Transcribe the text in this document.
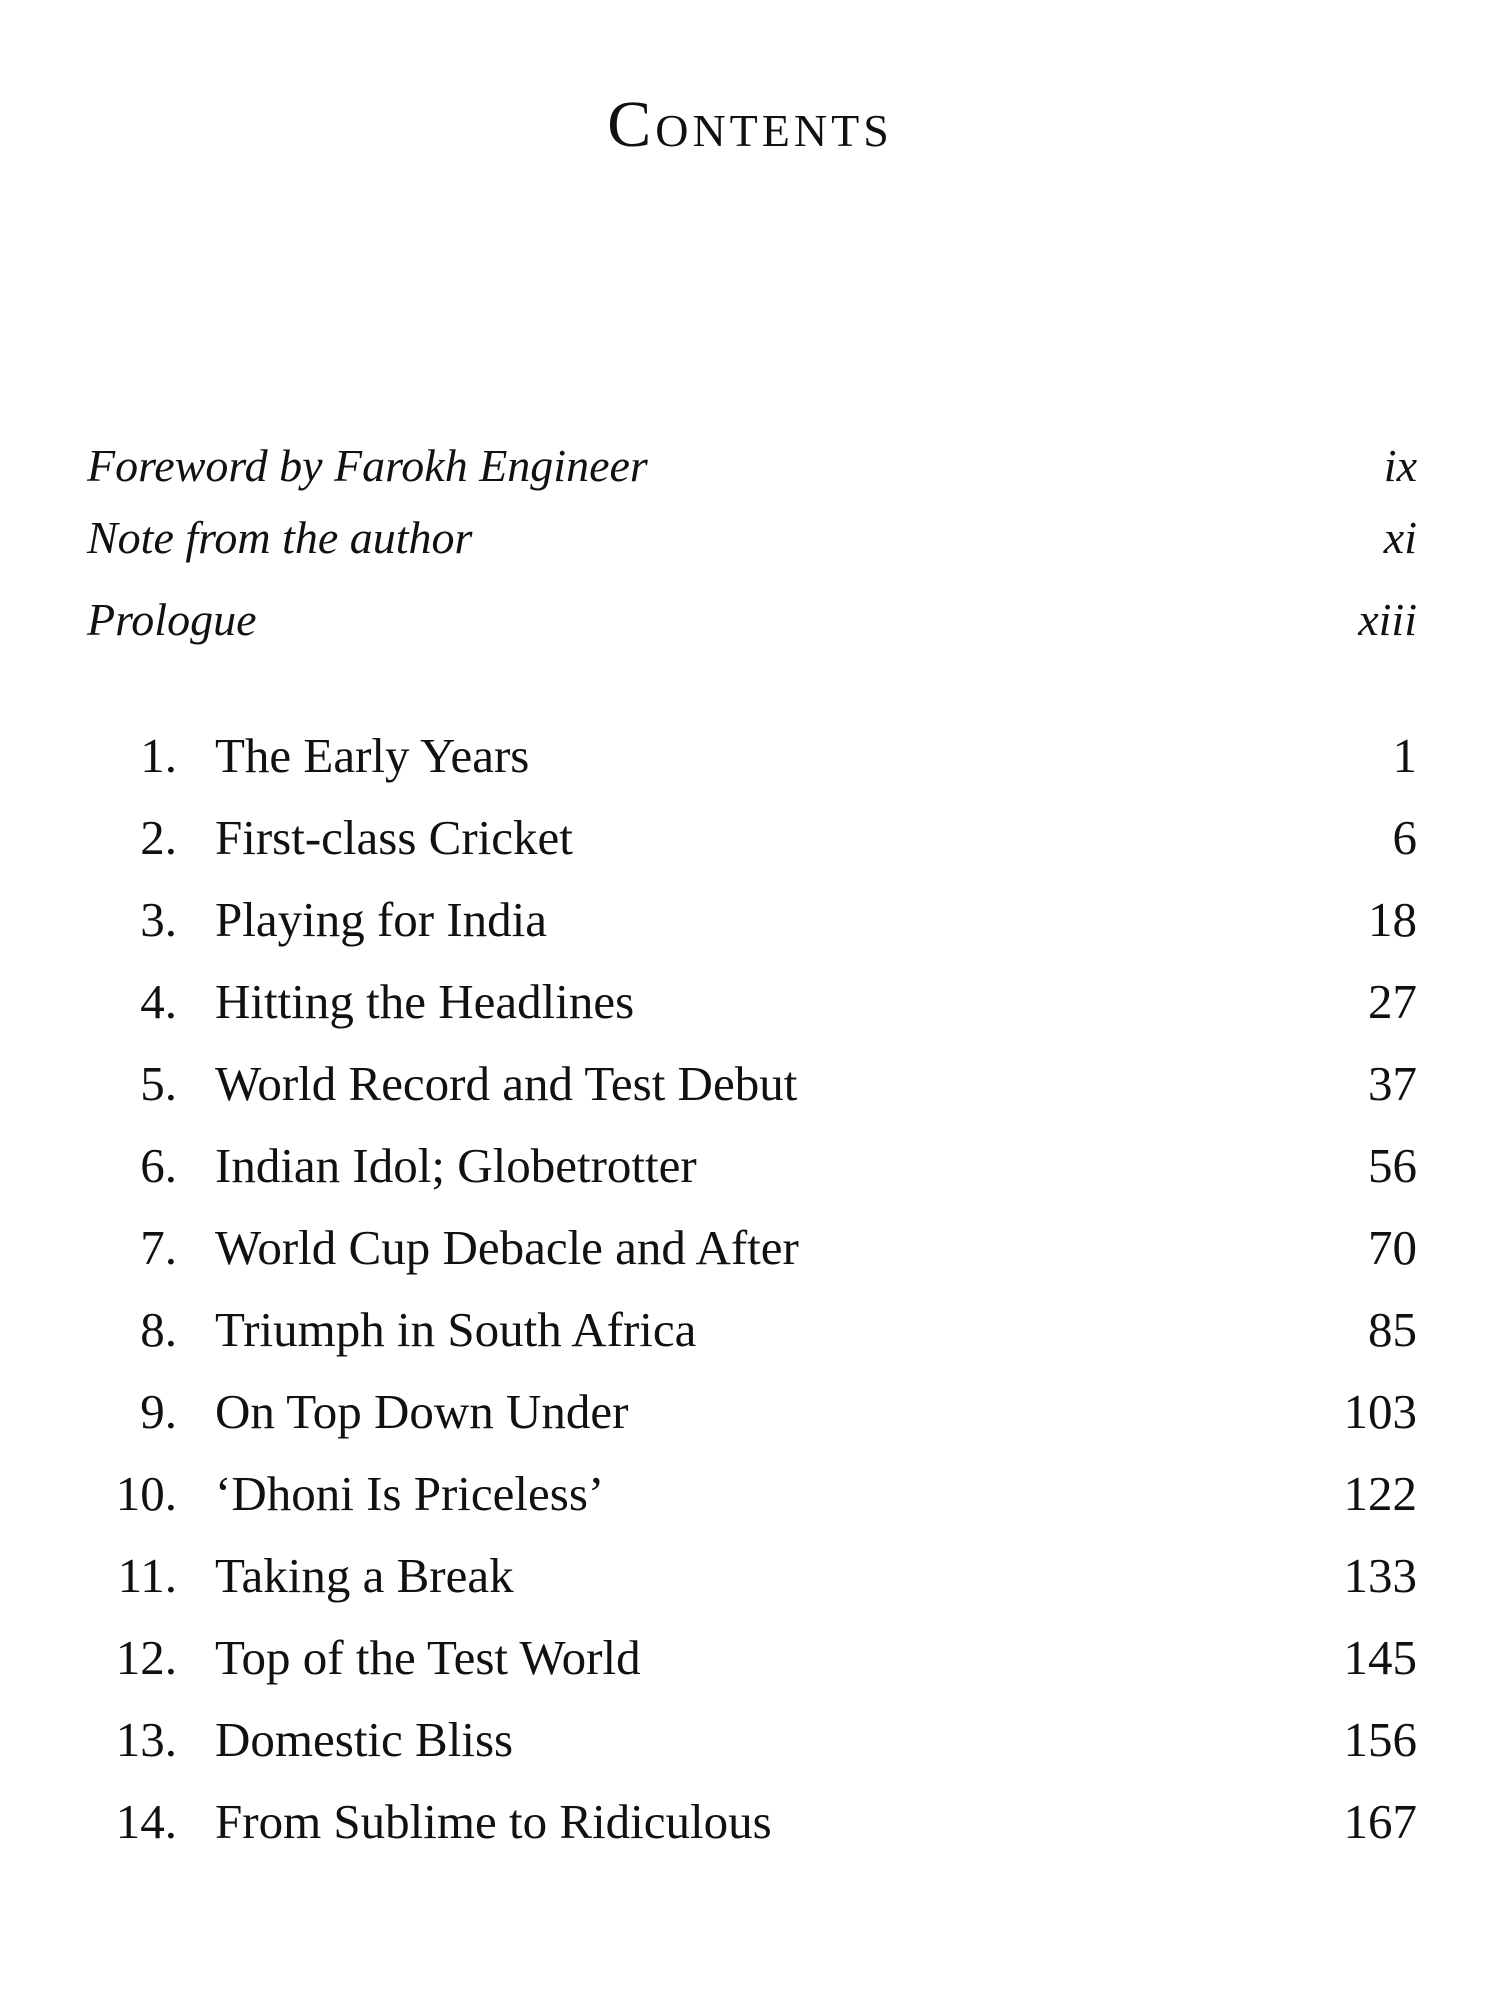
Contents
Foreword by Farokh Engineer	ix
Note from the author	xi
Prologue	xiii
1. The Early Years	1
2. First-class Cricket	6
3. Playing for India	18
4. Hitting the Headlines	27
5. World Record and Test Debut	37
6. Indian Idol; Globetrotter	56
7. World Cup Debacle and After	70
8. Triumph in South Africa	85
9. On Top Down Under	103
10. ‘Dhoni Is Priceless’	122
11. Taking a Break	133
12. Top of the Test World	145
13. Domestic Bliss	156
14. From Sublime to Ridiculous	167
